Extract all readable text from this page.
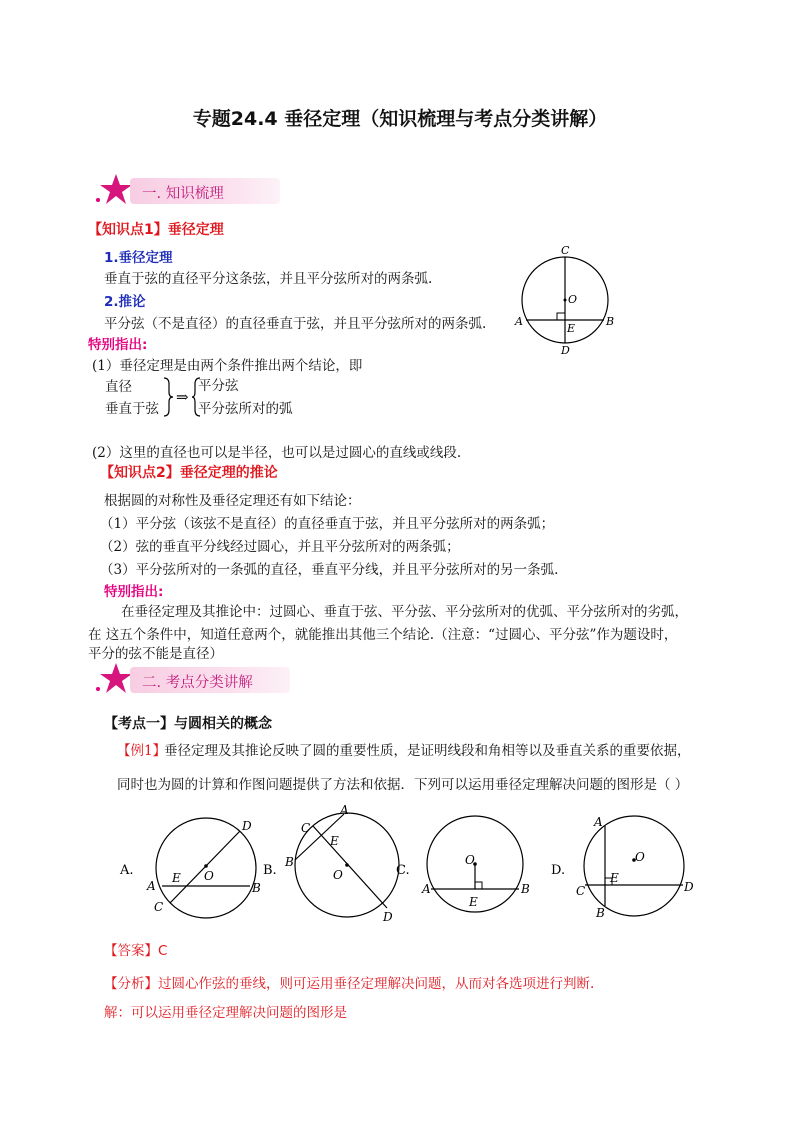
专题24.4 垂径定理（知识梳理与考点分类讲解）
一. 知识梳理
【知识点1】垂径定理
1.垂径定理
垂直于弦的直径平分这条弦，并且平分弦所对的两条弧.
2.推论
平分弦（不是直径）的直径垂直于弦，并且平分弦所对的两条弧.
C
O
A
E
B
D
特别指出:
(1）垂径定理是由两个条件推出两个结论，即
直径
垂直于弦
⇒
平分弦
平分弦所对的弧
(2）这里的直径也可以是半径，也可以是过圆心的直线或线段.
【知识点2】垂径定理的推论
根据圆的对称性及垂径定理还有如下结论：
（1）平分弦（该弦不是直径）的直径垂直于弦，并且平分弦所对的两条弧；
（2）弦的垂直平分线经过圆心，并且平分弦所对的两条弧；
（3）平分弦所对的一条弧的直径，垂直平分线，并且平分弦所对的另一条弧.
特别指出:
在垂径定理及其推论中：过圆心、垂直于弦、平分弦、平分弦所对的优弧、平分弦所对的劣弧，
在 这五个条件中，知道任意两个，就能推出其他三个结论.（注意：“过圆心、平分弦”作为题设时，
平分的弦不能是直径）
二. 考点分类讲解
【考点一】与圆相关的概念
【例1】
垂径定理及其推论反映了圆的重要性质，是证明线段和角相等以及垂直关系的重要依据，
同时也为圆的计算和作图问题提供了方法和依据．下列可以运用垂径定理解决问题的图形是（ ）
A.
D
A
E O
B
C
B.
A
C
B
E
O
D
C.
O
A
E
B
D.
A
O
C
E
D
B
【答案】C
【分析】过圆心作弦的垂线，则可运用垂径定理解决问题，从而对各选项进行判断.
解：可以运用垂径定理解决问题的图形是
